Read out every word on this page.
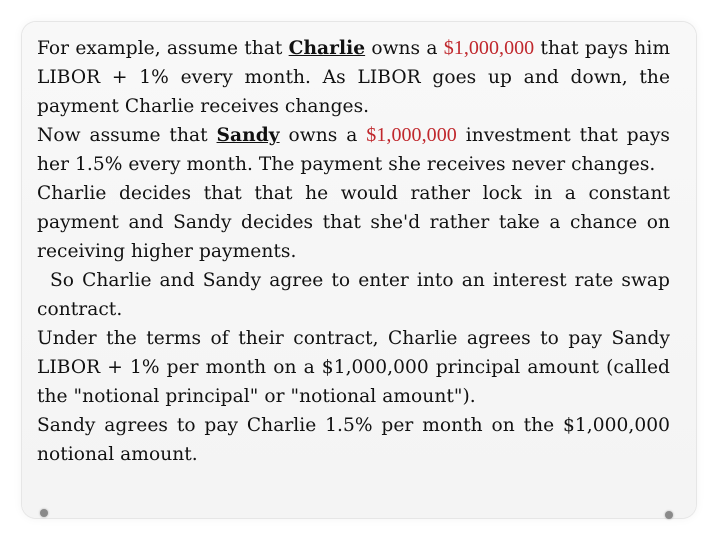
For example, assume that Charlie owns a $1,000,000 that pays him LIBOR + 1% every month. As LIBOR goes up and down, the payment Charlie receives changes.

Now assume that Sandy owns a $1,000,000 investment that pays her 1.5% every month. The payment she receives never changes.

Charlie decides that that he would rather lock in a constant payment and Sandy decides that she'd rather take a chance on receiving higher payments.

So Charlie and Sandy agree to enter into an interest rate swap contract.

Under the terms of their contract, Charlie agrees to pay Sandy LIBOR + 1% per month on a $1,000,000 principal amount (called the "notional principal" or "notional amount").

Sandy agrees to pay Charlie 1.5% per month on the $1,000,000 notional amount.
